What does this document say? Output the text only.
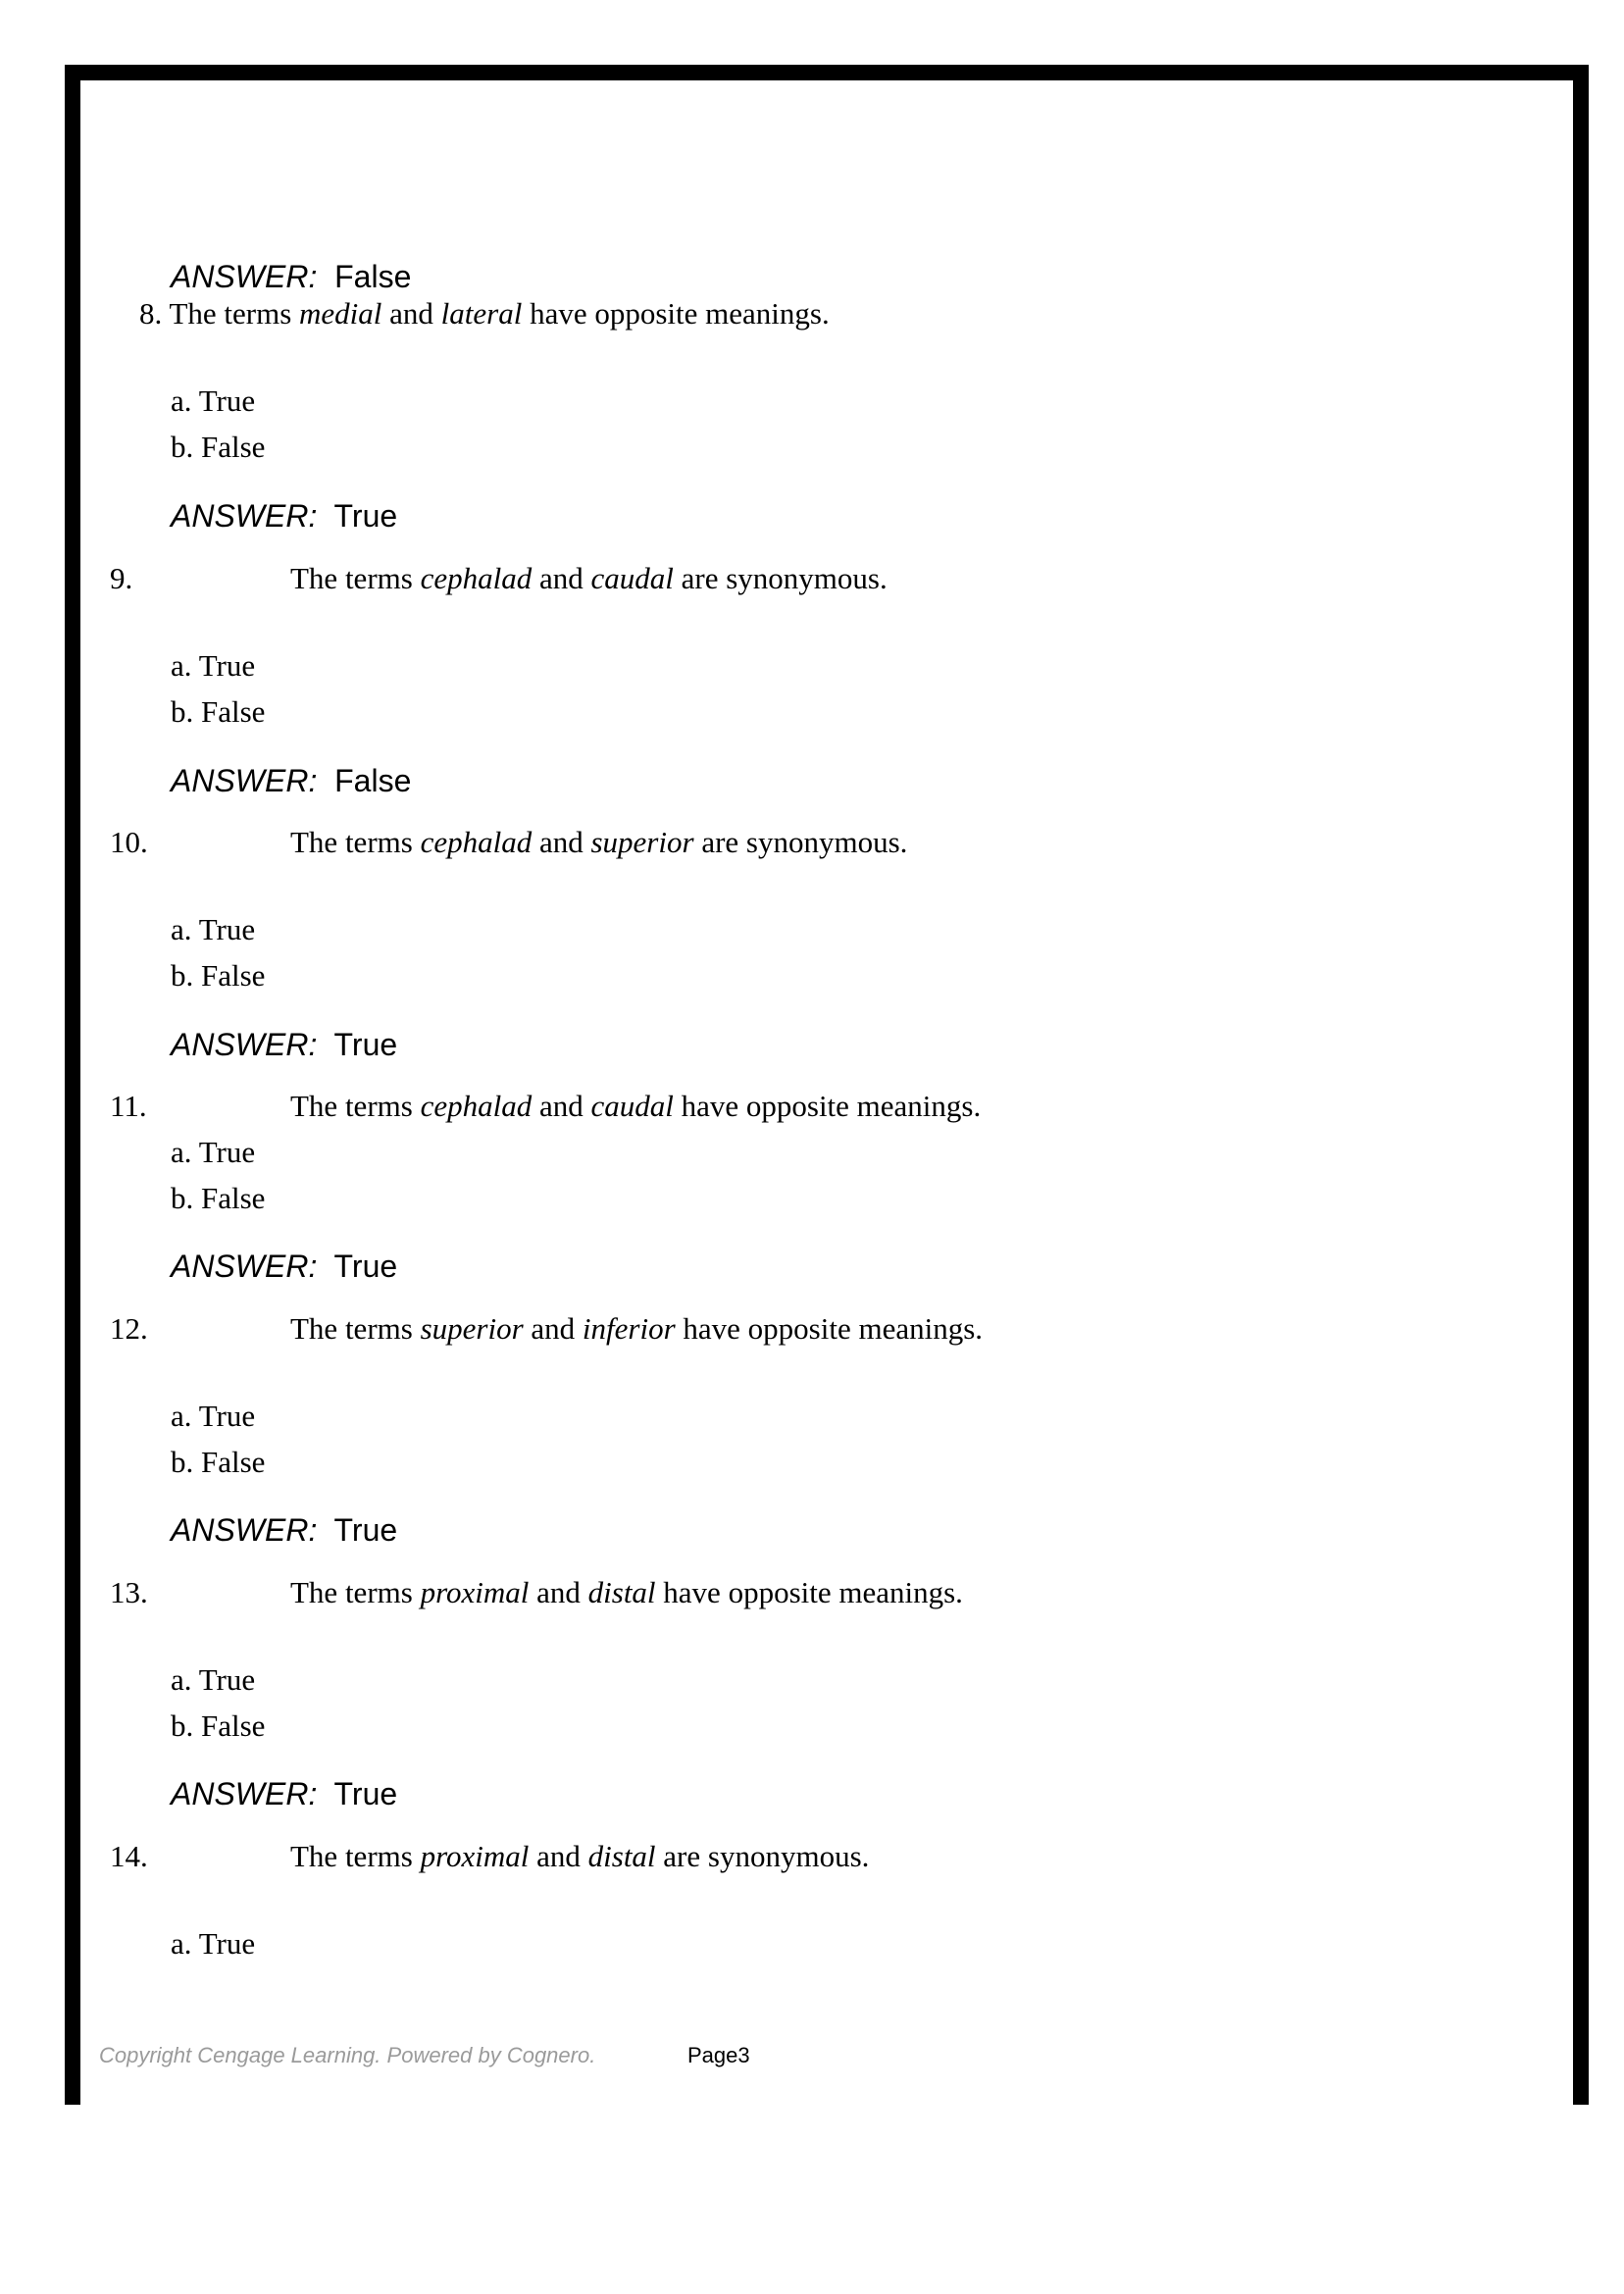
ANSWER: False
8. The terms medial and lateral have opposite meanings.
a. True
b. False
ANSWER: True
9.	The terms cephalad and caudal are synonymous.
a. True
b. False
ANSWER: False
10.	The terms cephalad and superior are synonymous.
a. True
b. False
ANSWER: True
11.	The terms cephalad and caudal have opposite meanings.
a. True
b. False
ANSWER: True
12.	The terms superior and inferior have opposite meanings.
a. True
b. False
ANSWER: True
13.	The terms proximal and distal have opposite meanings.
a. True
b. False
ANSWER: True
14.	The terms proximal and distal are synonymous.
a. True
Copyright Cengage Learning. Powered by Cognero.	Page3
